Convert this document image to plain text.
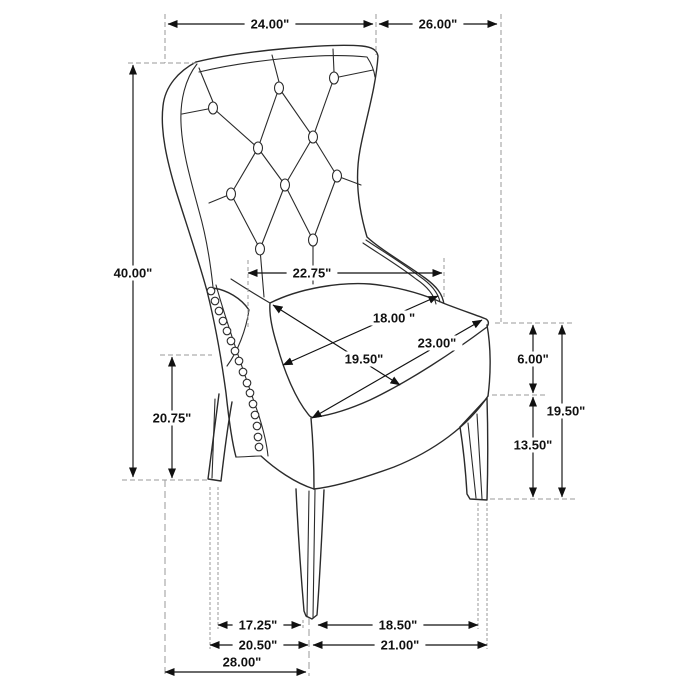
24.00"	26.00"
40.00"
20.75"
22.75"
18.00 "
19.50"
23.00"
6.00"
13.50"
19.50"
17.25"	18.50"
20.50"	21.00"
28.00"
